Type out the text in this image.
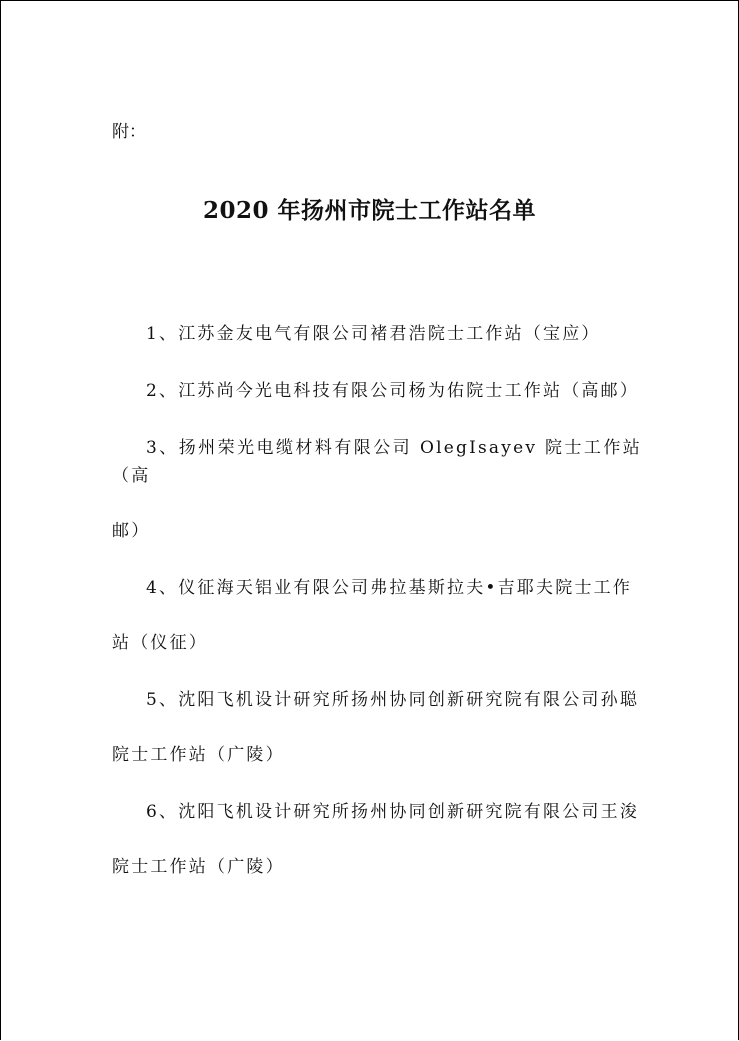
附：
2020 年扬州市院士工作站名单
1、江苏金友电气有限公司褚君浩院士工作站（宝应）
2、江苏尚今光电科技有限公司杨为佑院士工作站（高邮）
3、扬州荣光电缆材料有限公司 OlegIsayev 院士工作站（高
邮）
4、仪征海天铝业有限公司弗拉基斯拉夫•吉耶夫院士工作
站（仪征）
5、沈阳飞机设计研究所扬州协同创新研究院有限公司孙聪
院士工作站（广陵）
6、沈阳飞机设计研究所扬州协同创新研究院有限公司王浚
院士工作站（广陵）
